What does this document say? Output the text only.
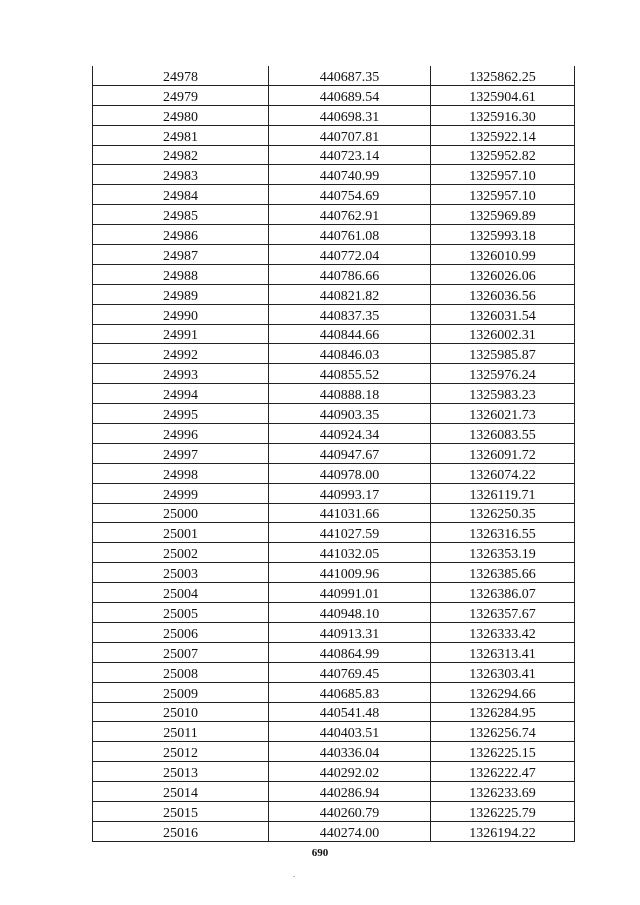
24978	440687.35	1325862.25
24979	440689.54	1325904.61
24980	440698.31	1325916.30
24981	440707.81	1325922.14
24982	440723.14	1325952.82
24983	440740.99	1325957.10
24984	440754.69	1325957.10
24985	440762.91	1325969.89
24986	440761.08	1325993.18
24987	440772.04	1326010.99
24988	440786.66	1326026.06
24989	440821.82	1326036.56
24990	440837.35	1326031.54
24991	440844.66	1326002.31
24992	440846.03	1325985.87
24993	440855.52	1325976.24
24994	440888.18	1325983.23
24995	440903.35	1326021.73
24996	440924.34	1326083.55
24997	440947.67	1326091.72
24998	440978.00	1326074.22
24999	440993.17	1326119.71
25000	441031.66	1326250.35
25001	441027.59	1326316.55
25002	441032.05	1326353.19
25003	441009.96	1326385.66
25004	440991.01	1326386.07
25005	440948.10	1326357.67
25006	440913.31	1326333.42
25007	440864.99	1326313.41
25008	440769.45	1326303.41
25009	440685.83	1326294.66
25010	440541.48	1326284.95
25011	440403.51	1326256.74
25012	440336.04	1326225.15
25013	440292.02	1326222.47
25014	440286.94	1326233.69
25015	440260.79	1326225.79
25016	440274.00	1326194.22
690
